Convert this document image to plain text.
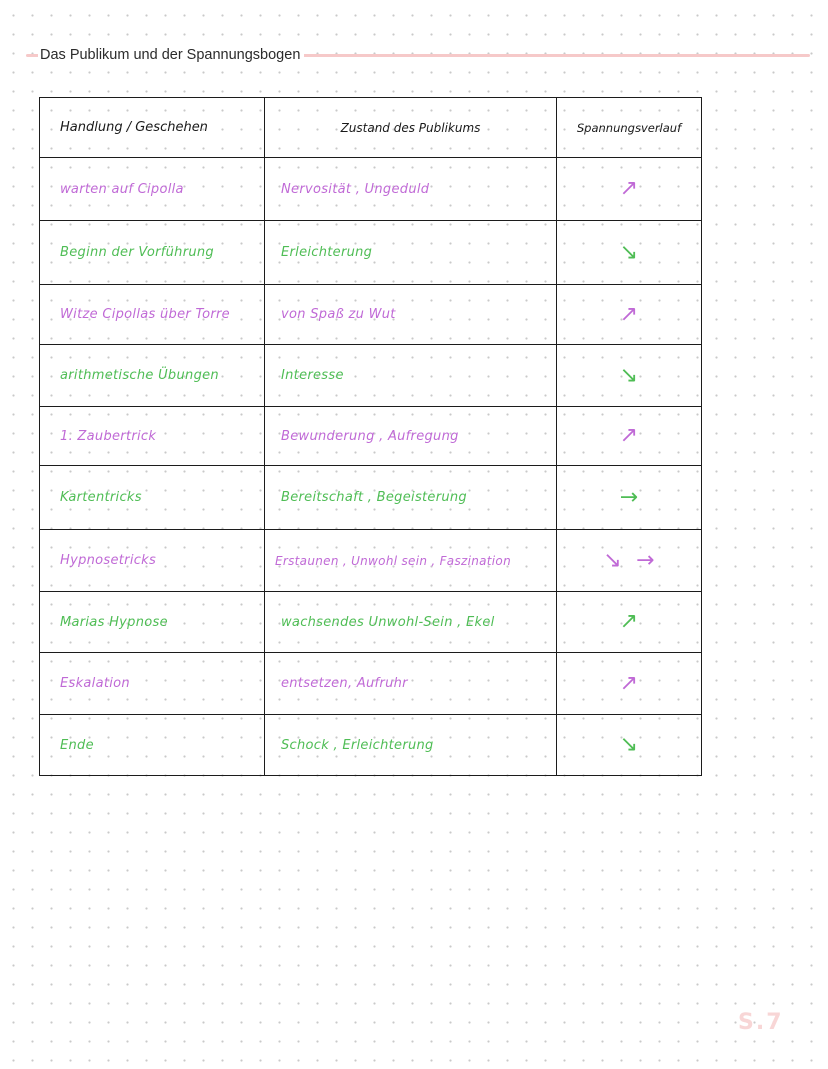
Das Publikum und der Spannungsbogen
Handlung / Geschehen	Zustand des Publikums	Spannungsverlauf
warten auf Cipolla	Nervosität , Ungeduld	↗
Beginn der Vorführung	Erleichterung	↘
Witze Cipollas über Torre	von Spaß zu Wut	↗
arithmetische Übungen	Interesse	↘
1. Zaubertrick	Bewunderung , Aufregung	↗
Kartentricks	Bereitschaft , Begeisterung	→
Hypnosetricks	Erstaunen , Unwohl sein , Faszination	↘ →
Marias Hypnose	wachsendes Unwohl-Sein , Ekel	↗
Eskalation	entsetzen, Aufruhr	↗
Ende	Schock , Erleichterung	↘
S.7
